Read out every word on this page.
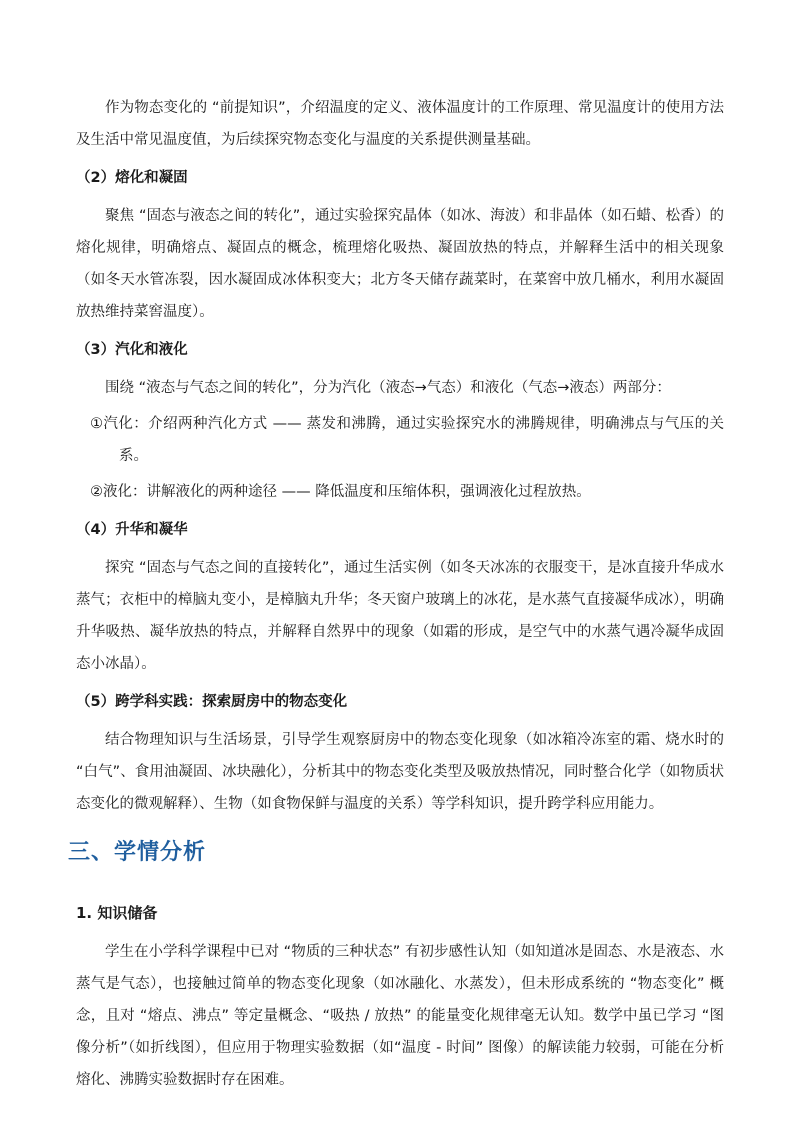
作为物态变化的 “前提知识”，介绍温度的定义、液体温度计的工作原理、常见温度计的使用方法及生活中常见温度值，为后续探究物态变化与温度的关系提供测量基础。

（2）熔化和凝固

聚焦 “固态与液态之间的转化”，通过实验探究晶体（如冰、海波）和非晶体（如石蜡、松香）的熔化规律，明确熔点、凝固点的概念，梳理熔化吸热、凝固放热的特点，并解释生活中的相关现象（如冬天水管冻裂，因水凝固成冰体积变大；北方冬天储存蔬菜时，在菜窖中放几桶水，利用水凝固放热维持菜窖温度）。

（3）汽化和液化

围绕 “液态与气态之间的转化”，分为汽化（液态→气态）和液化（气态→液态）两部分：

①汽化：介绍两种汽化方式 —— 蒸发和沸腾，通过实验探究水的沸腾规律，明确沸点与气压的关系。

②液化：讲解液化的两种途径 —— 降低温度和压缩体积，强调液化过程放热。

（4）升华和凝华

探究 “固态与气态之间的直接转化”，通过生活实例（如冬天冰冻的衣服变干，是冰直接升华成水蒸气；衣柜中的樟脑丸变小，是樟脑丸升华；冬天窗户玻璃上的冰花，是水蒸气直接凝华成冰），明确升华吸热、凝华放热的特点，并解释自然界中的现象（如霜的形成，是空气中的水蒸气遇冷凝华成固态小冰晶）。

（5）跨学科实践：探索厨房中的物态变化

结合物理知识与生活场景，引导学生观察厨房中的物态变化现象（如冰箱冷冻室的霜、烧水时的 “白气”、食用油凝固、冰块融化），分析其中的物态变化类型及吸放热情况，同时整合化学（如物质状态变化的微观解释）、生物（如食物保鲜与温度的关系）等学科知识，提升跨学科应用能力。

三、学情分析
1. 知识储备

学生在小学科学课程中已对 “物质的三种状态” 有初步感性认知（如知道冰是固态、水是液态、水蒸气是气态），也接触过简单的物态变化现象（如冰融化、水蒸发），但未形成系统的 “物态变化” 概念，且对 “熔点、沸点” 等定量概念、“吸热 / 放热” 的能量变化规律毫无认知。数学中虽已学习 “图像分析”（如折线图），但应用于物理实验数据（如“温度 - 时间” 图像）的解读能力较弱，可能在分析熔化、沸腾实验数据时存在困难。
